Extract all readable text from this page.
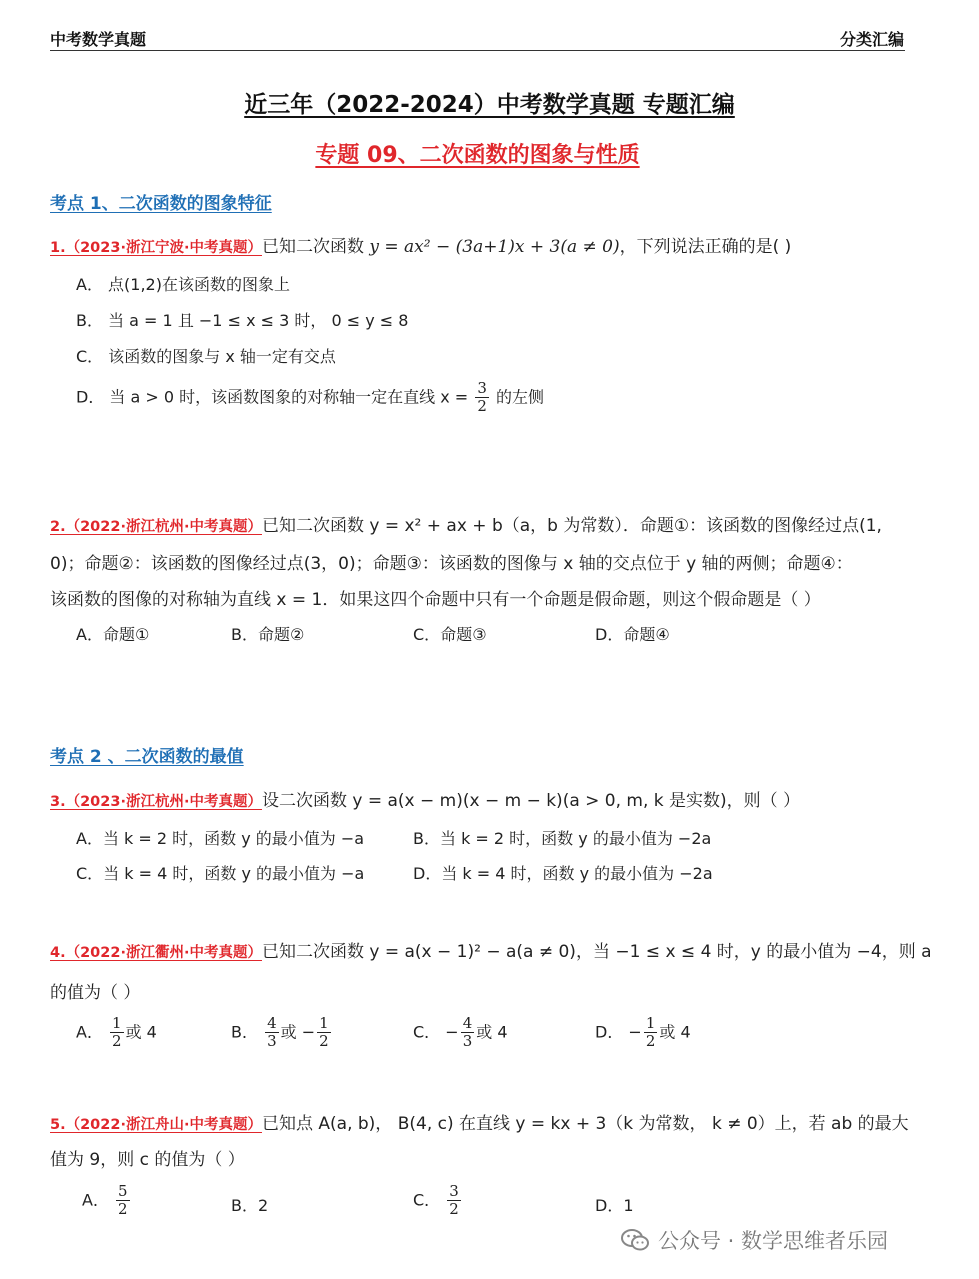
中考数学真题	分类汇编
近三年（2022-2024）中考数学真题 专题汇编
专题 09、二次函数的图象与性质
考点 1、二次函数的图象特征
1.（2023·浙江宁波·中考真题）已知二次函数 y = ax² − (3a+1)x + 3(a ≠ 0)，下列说法正确的是( )
A． 点(1,2)在该函数的图象上
B． 当 a = 1 且 −1 ≤ x ≤ 3 时， 0 ≤ y ≤ 8
C． 该函数的图象与 x 轴一定有交点
D． 当 a > 0 时，该函数图象的对称轴一定在直线 $x = \frac{3}{2}$ 的左侧
2.（2022·浙江杭州·中考真题）已知二次函数 y = x² + ax + b（a，b 为常数）．命题①：该函数的图像经过点(1,
0)；命题②：该函数的图像经过点(3，0)；命题③：该函数的图像与 x 轴的交点位于 y 轴的两侧；命题④：
该函数的图像的对称轴为直线 x = 1．如果这四个命题中只有一个命题是假命题，则这个假命题是（ ）
A．命题①	B．命题②	C．命题③	D．命题④
考点 2 、二次函数的最值
3.（2023·浙江杭州·中考真题）设二次函数 y = a(x − m)(x − m − k)(a > 0, m, k 是实数)，则（ ）
A．当 k = 2 时，函数 y 的最小值为 −a	B．当 k = 2 时，函数 y 的最小值为 −2a
C．当 k = 4 时，函数 y 的最小值为 −a	D．当 k = 4 时，函数 y 的最小值为 −2a
4.（2022·浙江衢州·中考真题）已知二次函数 y = a(x − 1)² − a(a ≠ 0)，当 −1 ≤ x ≤ 4 时，y 的最小值为 −4，则 a
的值为（ ）
A． $\frac{1}{2}$ 或 4	B． $\frac{4}{3}$ 或 − $\frac{1}{2}$	C． − $\frac{4}{3}$ 或 4	D． − $\frac{1}{2}$ 或 4
5.（2022·浙江舟山·中考真题）已知点 A(a, b)， B(4, c) 在直线 y = kx + 3（k 为常数， k ≠ 0）上，若 ab 的最大
值为 9，则 c 的值为（ ）
A． $\frac{5}{2}$	B．2	C． $\frac{3}{2}$	D．1
公众号 · 数学思维者乐园
